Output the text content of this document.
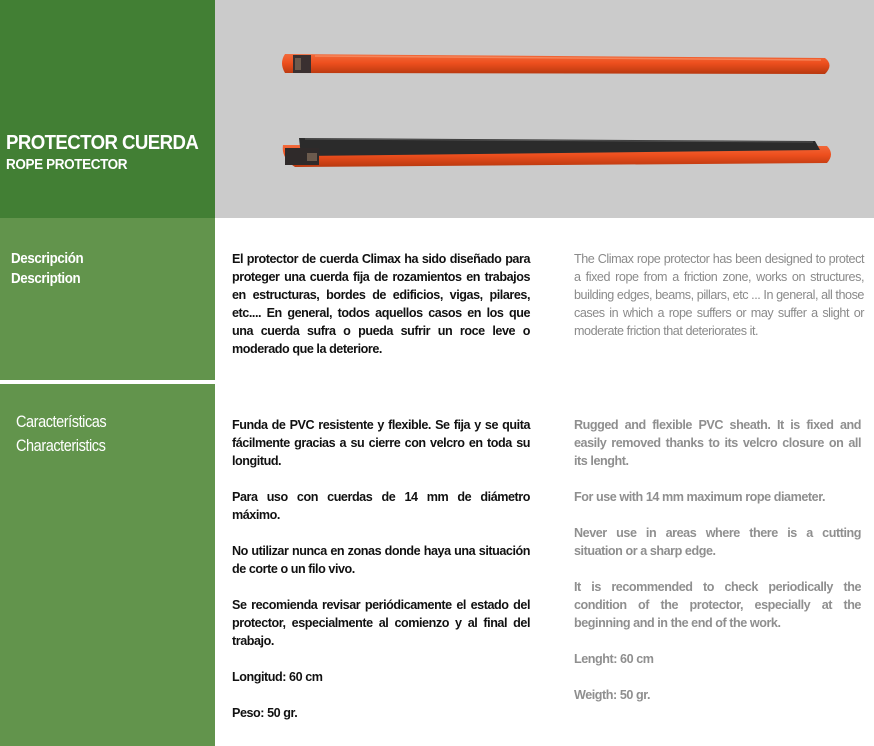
PROTECTOR CUERDA
ROPE PROTECTOR
Descripción
Description
Características
Characteristics

El protector de cuerda Climax ha sido diseñado para proteger una cuerda fija de rozamientos en trabajos en estructuras, bordes de edificios, vigas, pilares, etc.... En general, todos aquellos casos en los que una cuerda sufra o pueda sufrir un roce leve o moderado que la deteriore.

The Climax rope protector has been designed to protect a fixed rope from a friction zone, works on structures, building edges, beams, pillars, etc ... In general, all those cases in which a rope suffers or may suffer a slight or moderate friction that deteriorates it.

Funda de PVC resistente y flexible. Se fija y se quita fácilmente gracias a su cierre con velcro en toda su longitud.

Para uso con cuerdas de 14 mm de diámetro máximo.

No utilizar nunca en zonas donde haya una situación de corte o un filo vivo.

Se recomienda revisar periódicamente el estado del protector, especialmente al comienzo y al final del trabajo.

Longitud: 60 cm

Peso: 50 gr.

Rugged and flexible PVC sheath. It is fixed and easily removed thanks to its velcro closure on all its lenght.

For use with 14 mm maximum rope diameter.

Never use in areas where there is a cutting situation or a sharp edge.

It is recommended to check periodically the condition of the protector, especially at the beginning and in the end of the work.

Lenght: 60 cm

Weigth: 50 gr.
